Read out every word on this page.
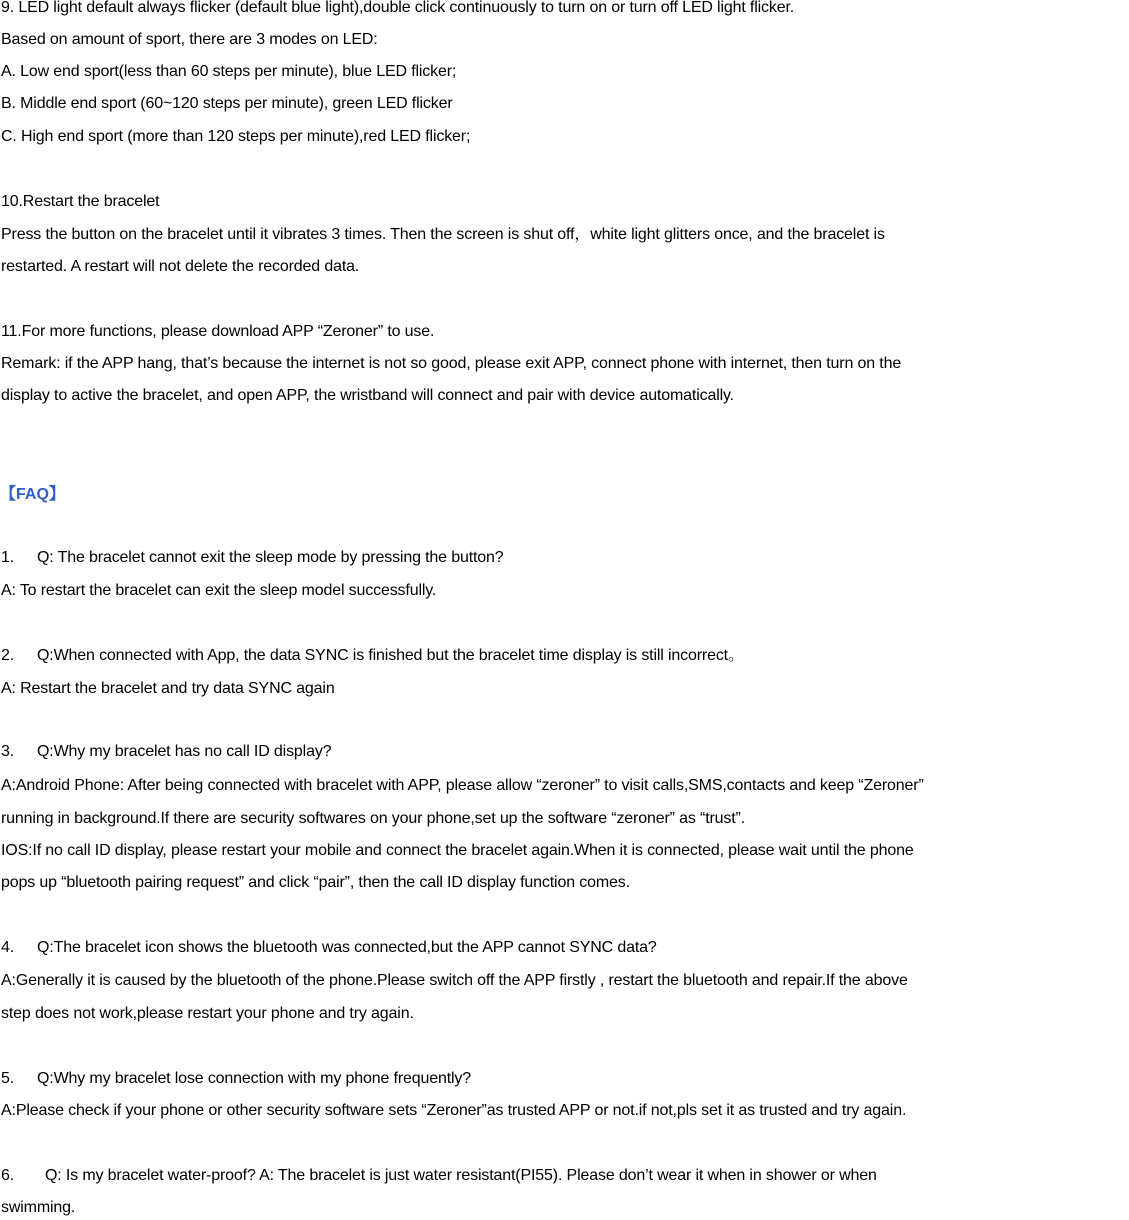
9. LED light default always flicker (default blue light),double click continuously to turn on or turn off LED light flicker.
Based on amount of sport, there are 3 modes on LED:
A. Low end sport(less than 60 steps per minute), blue LED flicker;
B. Middle end sport (60~120 steps per minute), green LED flicker
C. High end sport (more than 120 steps per minute),red LED flicker;
10.Restart the bracelet
Press the button on the bracelet until it vibrates 3 times. Then the screen is shut off，white light glitters once, and the bracelet is
restarted. A restart will not delete the recorded data.
11.For more functions, please download APP “Zeroner” to use.
Remark: if the APP hang, that’s because the internet is not so good, please exit APP, connect phone with internet, then turn on the
display to active the bracelet, and open APP, the wristband will connect and pair with device automatically.
【FAQ】
1. Q: The bracelet cannot exit the sleep mode by pressing the button?
A: To restart the bracelet can exit the sleep model successfully.
2. Q:When connected with App, the data SYNC is finished but the bracelet time display is still incorrect。
A: Restart the bracelet and try data SYNC again
3. Q:Why my bracelet has no call ID display?
A:Android Phone: After being connected with bracelet with APP, please allow “zeroner” to visit calls,SMS,contacts and keep “Zeroner”
running in background.If there are security softwares on your phone,set up the software “zeroner” as “trust”.
IOS:If no call ID display, please restart your mobile and connect the bracelet again.When it is connected, please wait until the phone
pops up “bluetooth pairing request” and click “pair”, then the call ID display function comes.
4. Q:The bracelet icon shows the bluetooth was connected,but the APP cannot SYNC data?
A:Generally it is caused by the bluetooth of the phone.Please switch off the APP firstly , restart the bluetooth and repair.If the above
step does not work,please restart your phone and try again.
5. Q:Why my bracelet lose connection with my phone frequently?
A:Please check if your phone or other security software sets “Zeroner”as trusted APP or not.if not,pls set it as trusted and try again.
6. Q: Is my bracelet water-proof? A: The bracelet is just water resistant(PI55). Please don’t wear it when in shower or when
swimming.
